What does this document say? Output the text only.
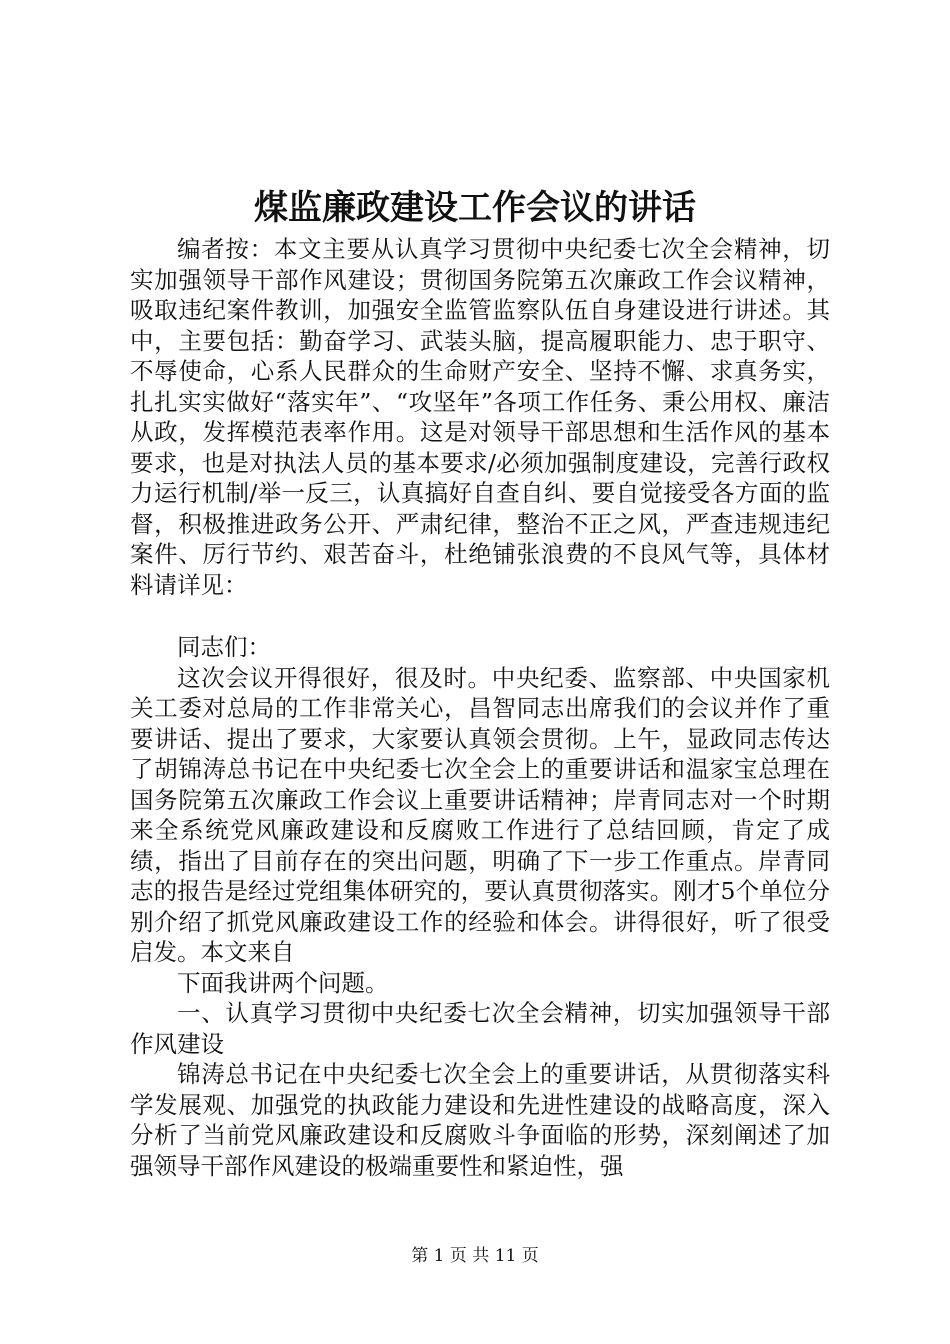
煤监廉政建设工作会议的讲话

编者按：本文主要从认真学习贯彻中央纪委七次全会精神，切实加强领导干部作风建设；贯彻国务院第五次廉政工作会议精神，吸取违纪案件教训，加强安全监管监察队伍自身建设进行讲述。其中，主要包括：勤奋学习、武装头脑，提高履职能力、忠于职守、不辱使命，心系人民群众的生命财产安全、坚持不懈、求真务实，扎扎实实做好“落实年”、“攻坚年”各项工作任务、秉公用权、廉洁从政，发挥模范表率作用。这是对领导干部思想和生活作风的基本要求，也是对执法人员的基本要求/必须加强制度建设，完善行政权力运行机制/举一反三，认真搞好自查自纠、要自觉接受各方面的监督，积极推进政务公开、严肃纪律，整治不正之风，严查违规违纪案件、厉行节约、艰苦奋斗，杜绝铺张浪费的不良风气等，具体材料请详见：

同志们：

这次会议开得很好，很及时。中央纪委、监察部、中央国家机关工委对总局的工作非常关心，昌智同志出席我们的会议并作了重要讲话、提出了要求，大家要认真领会贯彻。上午，显政同志传达了胡锦涛总书记在中央纪委七次全会上的重要讲话和温家宝总理在国务院第五次廉政工作会议上重要讲话精神；岸青同志对一个时期来全系统党风廉政建设和反腐败工作进行了总结回顾，肯定了成绩，指出了目前存在的突出问题，明确了下一步工作重点。岸青同志的报告是经过党组集体研究的，要认真贯彻落实。刚才5个单位分别介绍了抓党风廉政建设工作的经验和体会。讲得很好，听了很受启发。本文来自

下面我讲两个问题。

一、认真学习贯彻中央纪委七次全会精神，切实加强领导干部作风建设

锦涛总书记在中央纪委七次全会上的重要讲话，从贯彻落实科学发展观、加强党的执政能力建设和先进性建设的战略高度，深入分析了当前党风廉政建设和反腐败斗争面临的形势，深刻阐述了加强领导干部作风建设的极端重要性和紧迫性，强

第 1 页 共 11 页
